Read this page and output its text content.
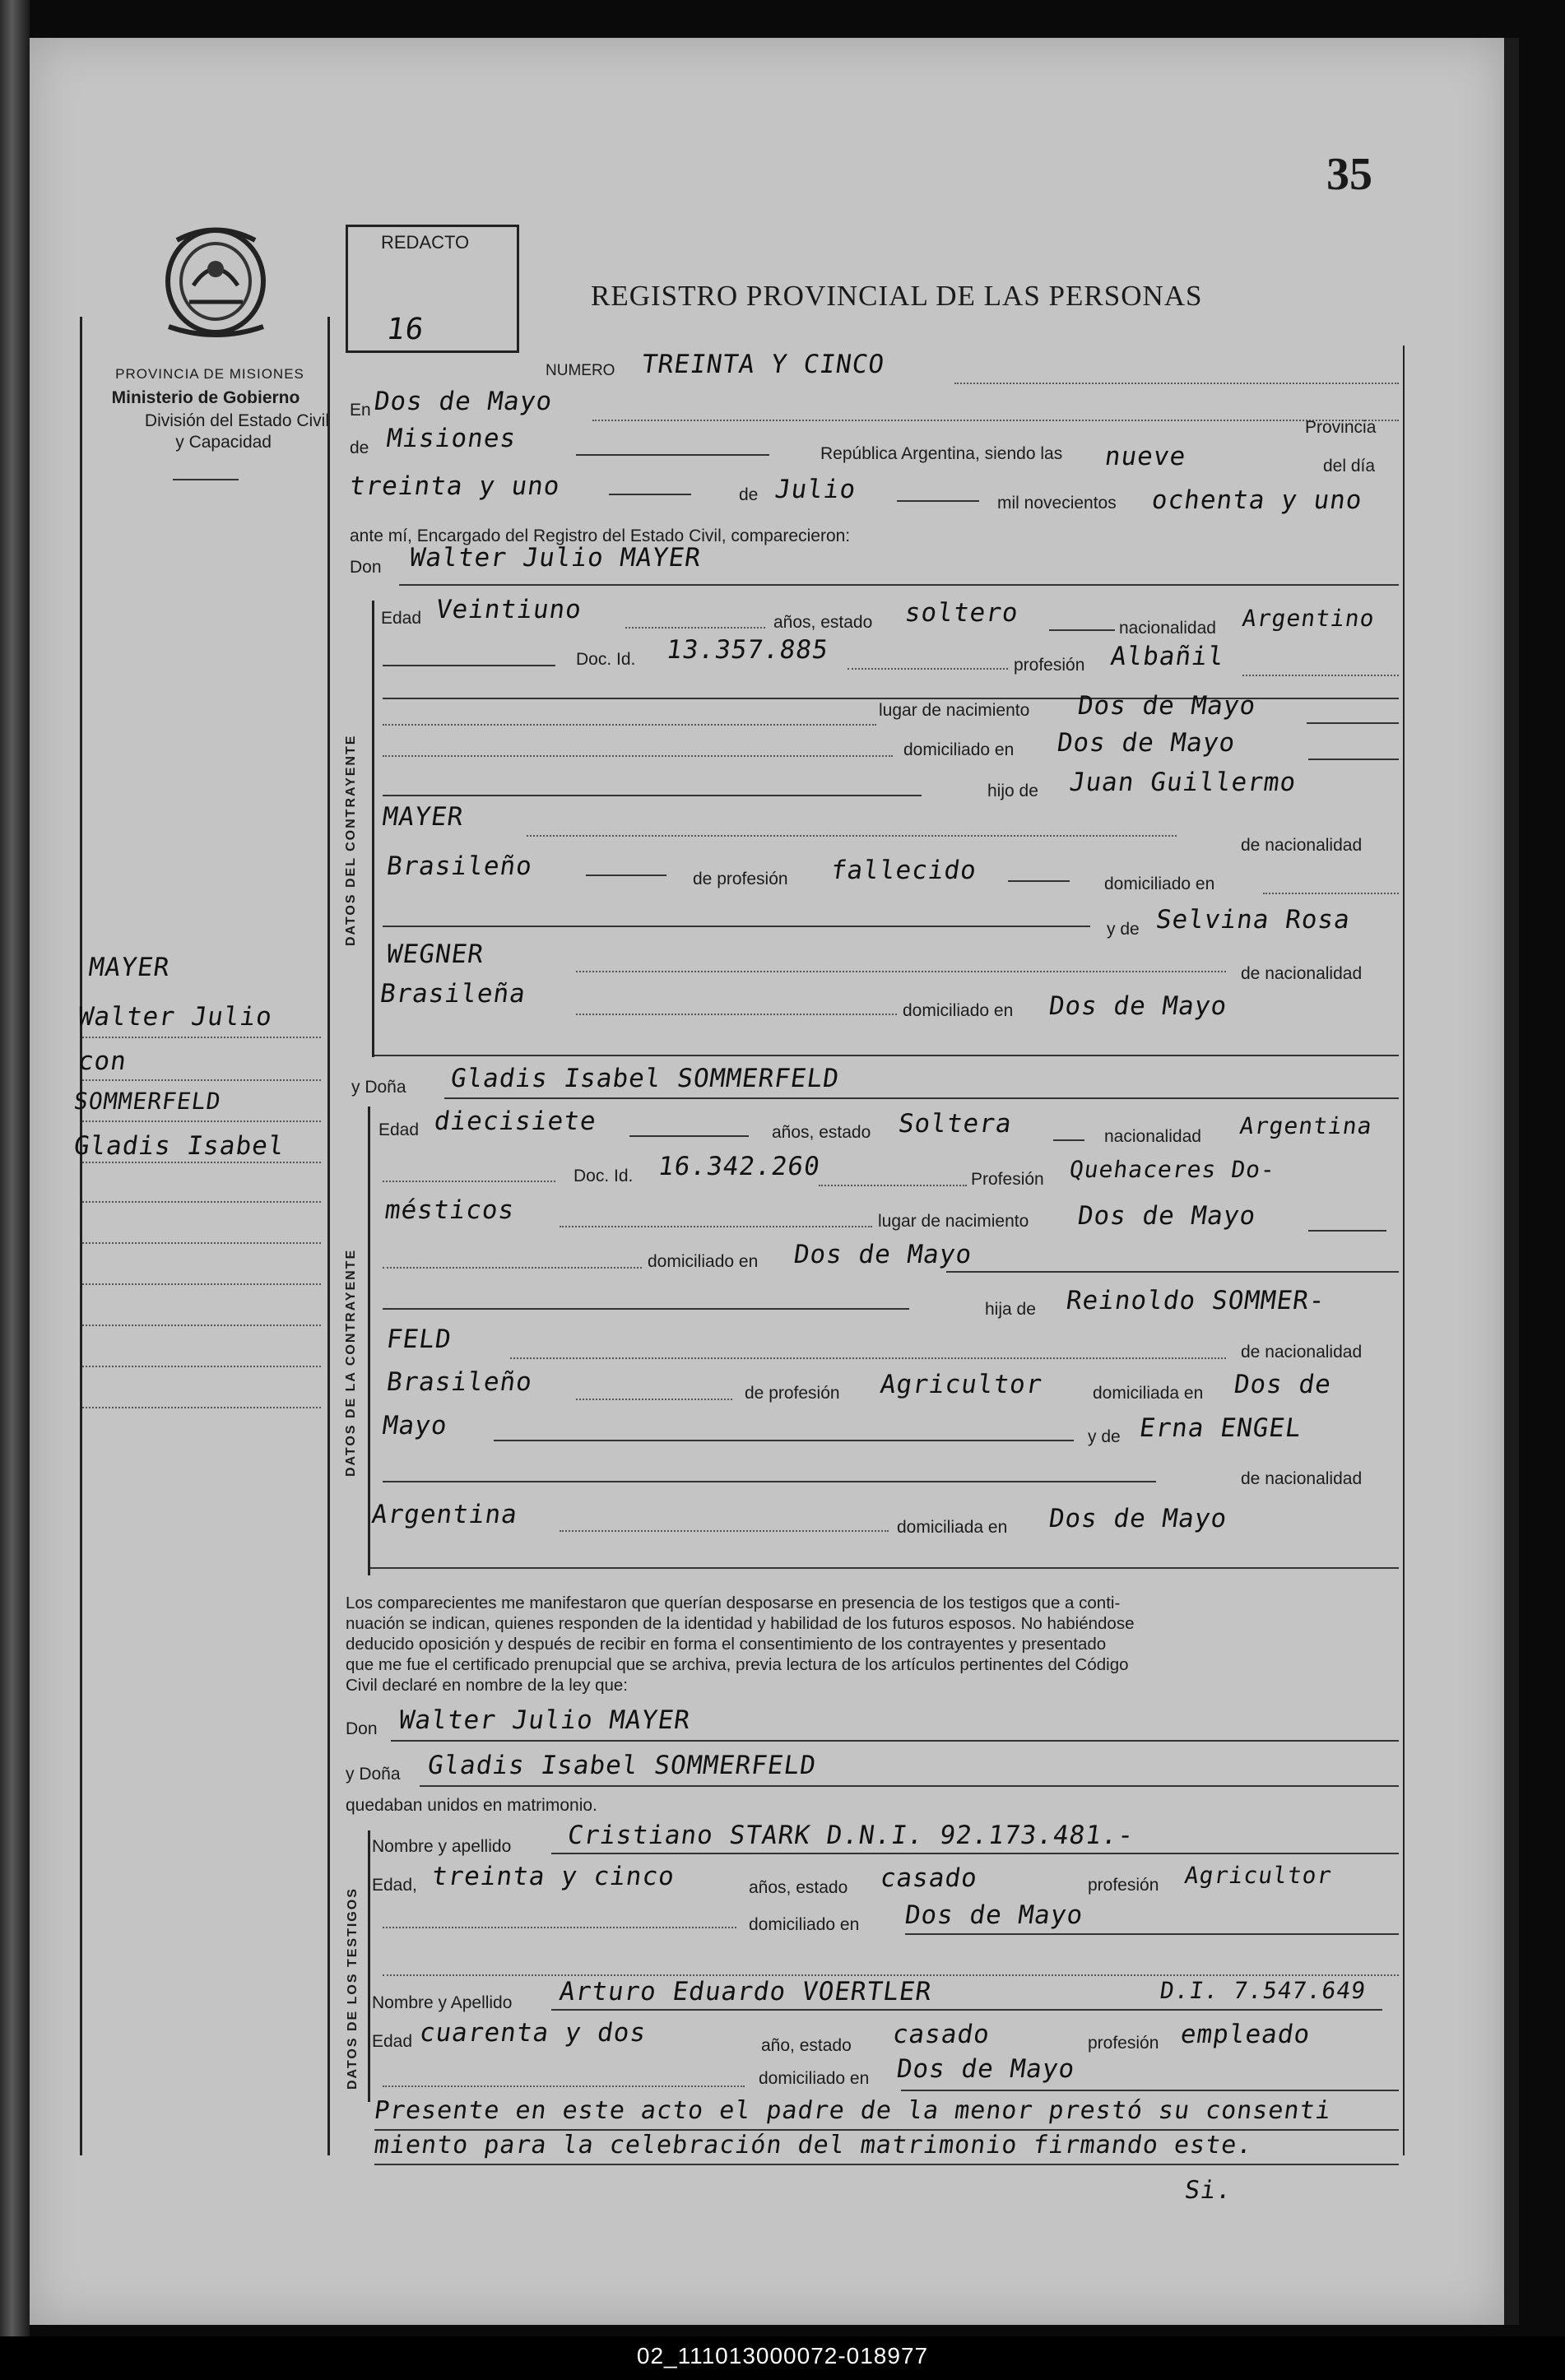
35
PROVINCIA DE MISIONES
Ministerio de Gobierno
División del Estado Civil
y Capacidad
MAYER
Walter Julio
con
SOMMERFELD
Gladis Isabel
REDACTO
16
REGISTRO PROVINCIAL DE LAS PERSONAS
NUMERO TREINTA Y CINCO
En Dos de Mayo
Provincia
de Misiones
República Argentina, siendo las nueve	del día
treinta y uno	de Julio	mil novecientos ochenta y uno
ante mí, Encargado del Registro del Estado Civil, comparecieron:
Don Walter Julio MAYER
DATOS DEL CONTRAYENTE
Edad Veintiuno	años, estado soltero
nacionalidad Argentino
Doc. Id. 13.357.885
profesión Albañil
lugar de nacimiento Dos de Mayo
domiciliado en Dos de Mayo
hijo de Juan Guillermo
MAYER
de nacionalidad
Brasileño	de profesión fallecido	domiciliado en
y de Selvina Rosa
WEGNER
de nacionalidad
Brasileña
domiciliado en Dos de Mayo
y Doña Gladis Isabel SOMMERFELD
DATOS DE LA CONTRAYENTE
Edad diecisiete	años, estado Soltera	nacionalidad Argentina
Doc. Id. 16.342.260	Profesión Quehaceres Do-
mésticos	lugar de nacimiento Dos de Mayo
domiciliado en Dos de Mayo
hija de Reinoldo SOMMER-
FELD	de nacionalidad
Brasileño	de profesión Agricultor	domiciliada en Dos de
Mayo	y de Erna ENGEL
de nacionalidad
Argentina	domiciliada en Dos de Mayo
Los comparecientes me manifestaron que querían desposarse en presencia de los testigos que a conti-
nuación se indican, quienes responden de la identidad y habilidad de los futuros esposos. No habiéndose
deducido oposición y después de recibir en forma el consentimiento de los contrayentes y presentado
que me fue el certificado prenupcial que se archiva, previa lectura de los artículos pertinentes del Código
Civil declaré en nombre de la ley que:
Don Walter Julio MAYER
y Doña Gladis Isabel SOMMERFELD
quedaban unidos en matrimonio.
DATOS DE LOS TESTIGOS
Nombre y apellido Cristiano STARK D.N.I. 92.173.481.-
Edad, treinta y cinco	años, estado casado	profesión Agricultor
domiciliado en Dos de Mayo
Nombre y Apellido Arturo Eduardo VOERTLER	D.I. 7.547.649
Edad cuarenta y dos	año, estado casado	profesión empleado
domiciliado en Dos de Mayo
Presente en este acto el padre de la menor prestó su consenti
miento para la celebración del matrimonio firmando este.
Si.
02_111013000072-018977
